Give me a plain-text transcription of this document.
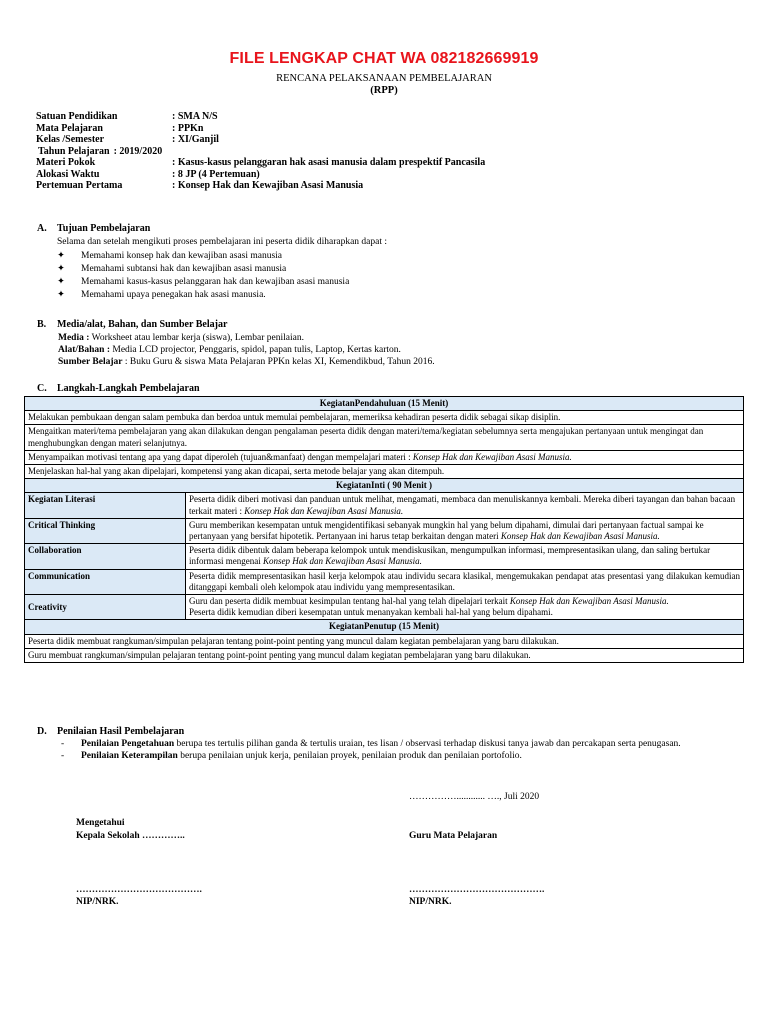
FILE LENGKAP CHAT WA 082182669919
RENCANA PELAKSANAAN PEMBELAJARAN
(RPP)
Satuan Pendidikan	: SMA N/S
Mata Pelajaran	: PPKn
Kelas /Semester	: XI/Ganjil
Tahun Pelajaran : 2019/2020
Materi Pokok	: Kasus-kasus pelanggaran hak asasi manusia dalam prespektif Pancasila
Alokasi Waktu	: 8 JP (4 Pertemuan)
Pertemuan Pertama	: Konsep Hak dan Kewajiban Asasi Manusia
A. Tujuan Pembelajaran
Selama dan setelah mengikuti proses pembelajaran ini peserta didik diharapkan dapat :
✦ Memahami konsep hak dan kewajiban asasi manusia
✦ Memahami subtansi hak dan kewajiban asasi manusia
✦ Memahami kasus-kasus pelanggaran hak dan kewajiban asasi manusia
✦ Memahami upaya penegakan hak asasi manusia.
B. Media/alat, Bahan, dan Sumber Belajar
Media : Worksheet atau lembar kerja (siswa), Lembar penilaian.
Alat/Bahan : Media LCD projector, Penggaris, spidol, papan tulis, Laptop, Kertas karton.
Sumber Belajar : Buku Guru & siswa Mata Pelajaran PPKn kelas XI, Kemendikbud, Tahun 2016.
C. Langkah-Langkah Pembelajaran
KegiatanPendahuluan (15 Menit)	
Melakukan pembukaan dengan salam pembuka dan berdoa untuk memulai pembelajaran, memeriksa kehadiran peserta didik sebagai sikap disiplin.	
Mengaitkan materi/tema pembelajaran yang akan dilakukan dengan pengalaman peserta didik dengan materi/tema/kegiatan sebelumnya serta mengajukan pertanyaan untuk mengingat dan menghubungkan dengan materi selanjutnya.	
Menyampaikan motivasi tentang apa yang dapat diperoleh (tujuan&manfaat) dengan mempelajari materi : Konsep Hak dan Kewajiban Asasi Manusia.	
Menjelaskan hal-hal yang akan dipelajari, kompetensi yang akan dicapai, serta metode belajar yang akan ditempuh.	
KegiatanInti ( 90 Menit )	
Kegiatan Literasi	Peserta didik diberi motivasi dan panduan untuk melihat, mengamati, membaca dan menuliskannya kembali. Mereka diberi tayangan dan bahan bacaan terkait materi : Konsep Hak dan Kewajiban Asasi Manusia.
Critical Thinking	Guru memberikan kesempatan untuk mengidentifikasi sebanyak mungkin hal yang belum dipahami, dimulai dari pertanyaan factual sampai ke pertanyaan yang bersifat hipotetik. Pertanyaan ini harus tetap berkaitan dengan materi Konsep Hak dan Kewajiban Asasi Manusia.
Collaboration	Peserta didik dibentuk dalam beberapa kelompok untuk mendiskusikan, mengumpulkan informasi, mempresentasikan ulang, dan saling bertukar informasi mengenai Konsep Hak dan Kewajiban Asasi Manusia.
Communication	Peserta didik mempresentasikan hasil kerja kelompok atau individu secara klasikal, mengemukakan pendapat atas presentasi yang dilakukan kemudian ditanggapi kembali oleh kelompok atau individu yang mempresentasikan.
Creativity	Guru dan peserta didik membuat kesimpulan tentang hal-hal yang telah dipelajari terkait Konsep Hak dan Kewajiban Asasi Manusia.
Peserta didik kemudian diberi kesempatan untuk menanyakan kembali hal-hal yang belum dipahami.
KegiatanPenutup (15 Menit)	
Peserta didik membuat rangkuman/simpulan pelajaran tentang point-point penting yang muncul dalam kegiatan pembelajaran yang baru dilakukan.	
Guru membuat rangkuman/simpulan pelajaran tentang point-point penting yang muncul dalam kegiatan pembelajaran yang baru dilakukan.	
D. Penilaian Hasil Pembelajaran
- Penilaian Pengetahuan berupa tes tertulis pilihan ganda & tertulis uraian, tes lisan / observasi terhadap diskusi tanya jawab dan percakapan serta penugasan.
- Penilaian Keterampilan berupa penilaian unjuk kerja, penilaian proyek, penilaian produk dan penilaian portofolio.
……………............ …., Juli 2020
Mengetahui
Kepala Sekolah …………..	Guru Mata Pelajaran
………………………………….	…………………………………….
NIP/NRK.	NIP/NRK.
